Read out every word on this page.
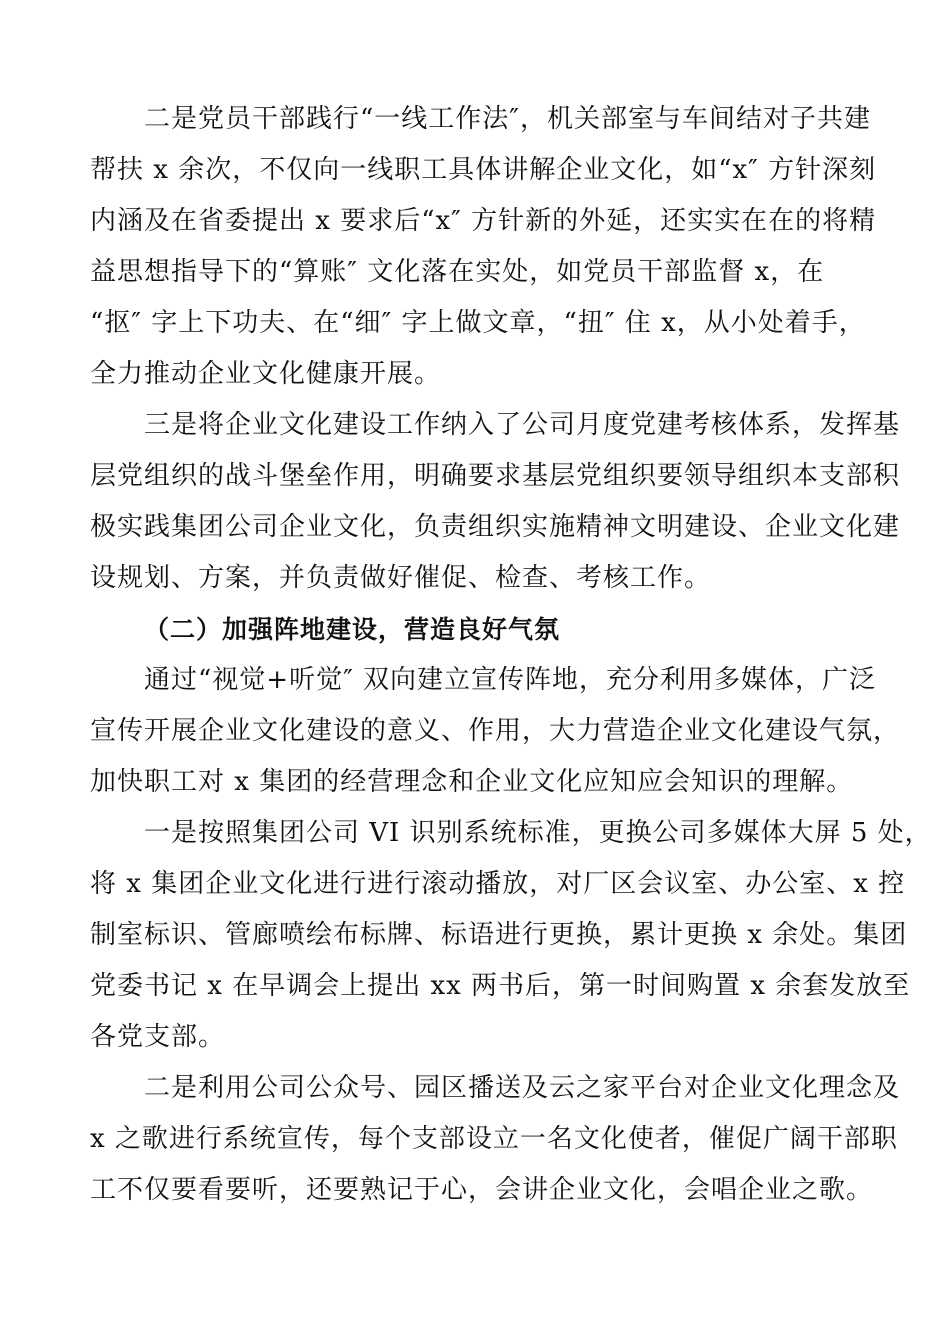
二是党员干部践行“一线工作法″，机关部室与车间结对子共建
帮扶 x 余次，不仅向一线职工具体讲解企业文化，如“x″ 方针深刻
内涵及在省委提出 x 要求后“x″ 方针新的外延，还实实在在的将精
益思想指导下的“算账″ 文化落在实处，如党员干部监督 x，在
“抠″ 字上下功夫、在“细″ 字上做文章，“扭″ 住 x，从小处着手，
全力推动企业文化健康开展。
三是将企业文化建设工作纳入了公司月度党建考核体系，发挥基
层党组织的战斗堡垒作用，明确要求基层党组织要领导组织本支部积
极实践集团公司企业文化，负责组织实施精神文明建设、企业文化建
设规划、方案，并负责做好催促、检查、考核工作。
（二）加强阵地建设，营造良好气氛
通过“视觉+听觉″ 双向建立宣传阵地，充分利用多媒体，广泛
宣传开展企业文化建设的意义、作用，大力营造企业文化建设气氛，
加快职工对 x 集团的经营理念和企业文化应知应会知识的理解。
一是按照集团公司 VI 识别系统标准，更换公司多媒体大屏 5 处，
将 x 集团企业文化进行进行滚动播放，对厂区会议室、办公室、x 控
制室标识、管廊喷绘布标牌、标语进行更换，累计更换 x 余处。集团
党委书记 x 在早调会上提出 xx 两书后，第一时间购置 x 余套发放至
各党支部。
二是利用公司公众号、园区播送及云之家平台对企业文化理念及
x 之歌进行系统宣传，每个支部设立一名文化使者，催促广阔干部职
工不仅要看要听，还要熟记于心，会讲企业文化，会唱企业之歌。
